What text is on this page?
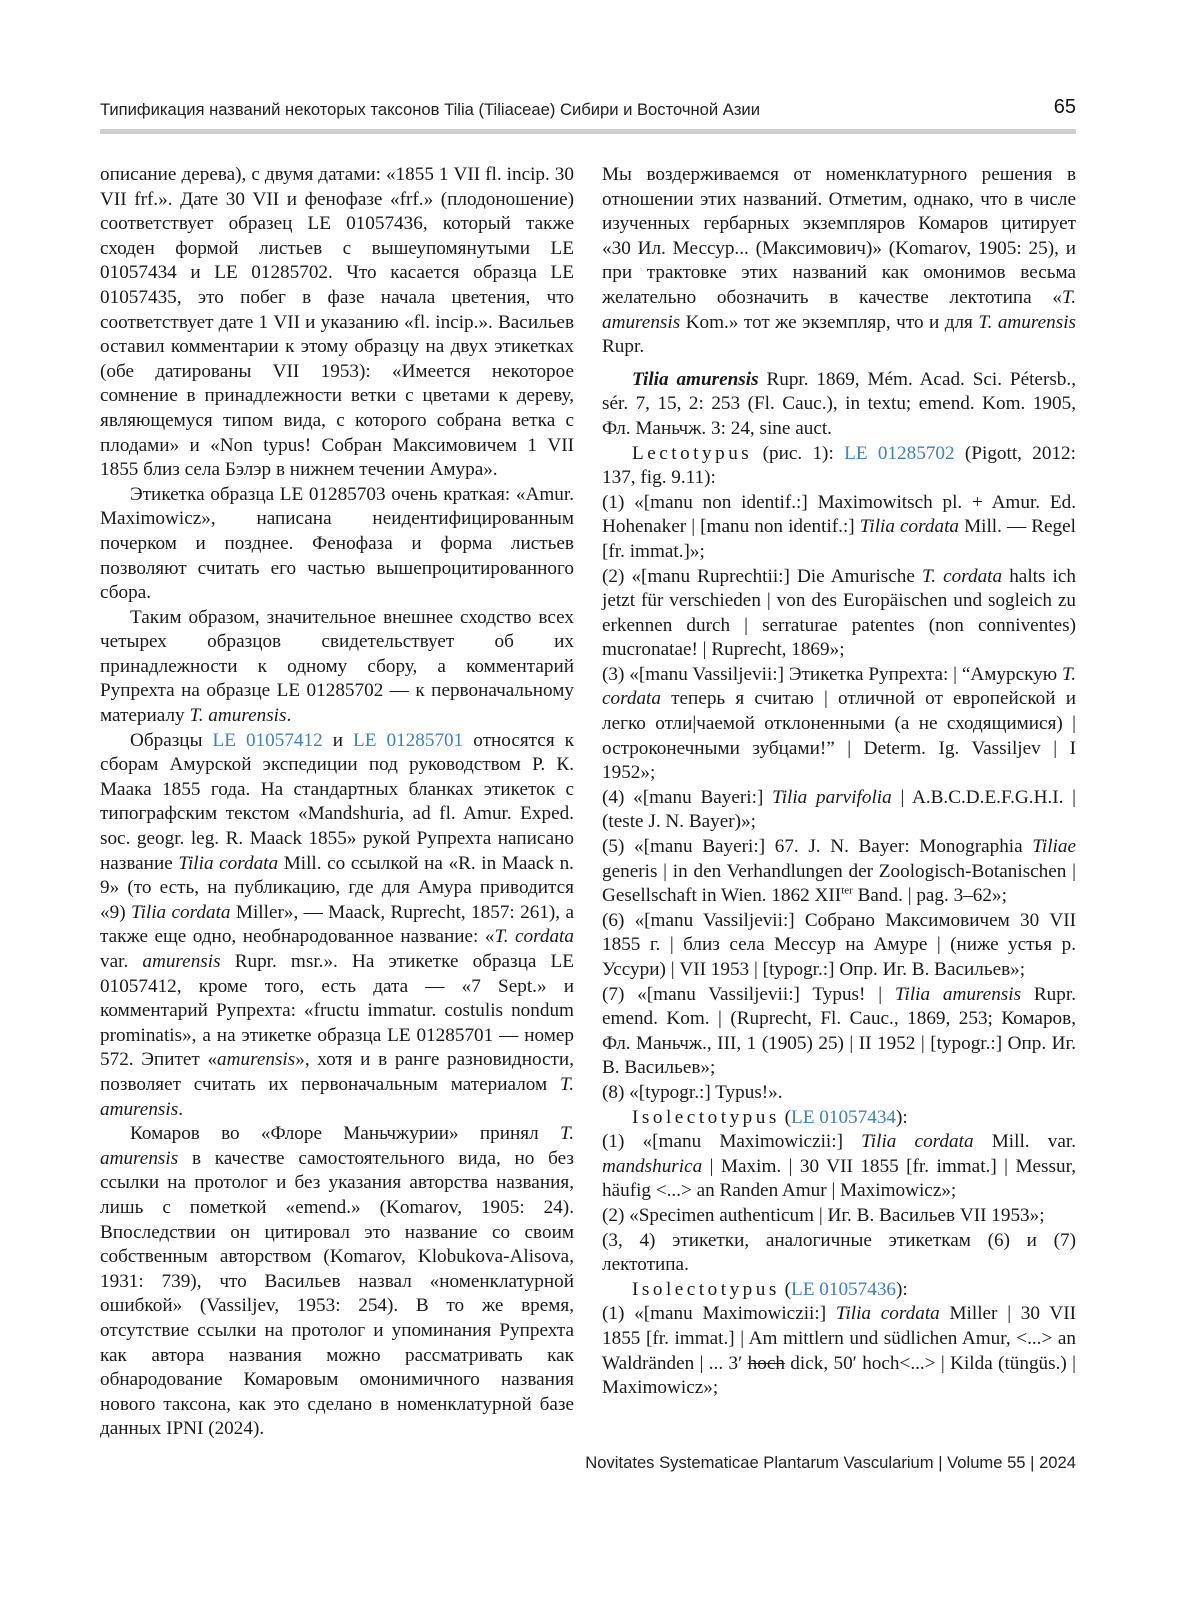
Типификация названий некоторых таксонов Tilia (Tiliaceae) Сибири и Восточной Азии	65

описание дерева), с двумя датами: «1855 1 VII fl. incip. 30 VII frf.». Дате 30 VII и фенофазе «frf.» (плодоношение) соответствует образец LE 01057436, который также сходен формой листьев с вышеупомянутыми LE 01057434 и LE 01285702. Что касается образца LE 01057435, это побег в фазе начала цветения, что соответствует дате 1 VII и указанию «fl. incip.». Васильев оставил комментарии к этому образцу на двух этикетках (обе датированы VII 1953): «Имеется некоторое сомнение в принадлежности ветки с цветами к дереву, являющемуся типом вида, с которого собрана ветка с плодами» и «Non typus! Собран Максимовичем 1 VII 1855 близ села Бэлэр в нижнем течении Амура».

Этикетка образца LE 01285703 очень краткая: «Amur. Maximowicz», написана неидентифицированным почерком и позднее. Фенофаза и форма листьев позволяют считать его частью вышепроцитированного сбора.

Таким образом, значительное внешнее сходство всех четырех образцов свидетельствует об их принадлежности к одному сбору, а комментарий Рупрехта на образце LE 01285702 — к первоначальному материалу T. amurensis.

Образцы LE 01057412 и LE 01285701 относятся к сборам Амурской экспедиции под руководством Р. К. Маака 1855 года. На стандартных бланках этикеток с типографским текстом «Mandshuria, ad fl. Amur. Exped. soc. geogr. leg. R. Maack 1855» рукой Рупрехта написано название Tilia cordata Mill. со ссылкой на «R. in Maack n. 9» (то есть, на публикацию, где для Амура приводится «9) Tilia cordata Miller», — Maack, Ruprecht, 1857: 261), а также еще одно, необнародованное название: «T. cordata var. amurensis Rupr. msr.». На этикетке образца LE 01057412, кроме того, есть дата — «7 Sept.» и комментарий Рупрехта: «fructu immatur. costulis nondum prominatis», а на этикетке образца LE 01285701 — номер 572. Эпитет «amurensis», хотя и в ранге разновидности, позволяет считать их первоначальным материалом T. amurensis.

Комаров во «Флоре Маньчжурии» принял T. amurensis в качестве самостоятельного вида, но без ссылки на протолог и без указания авторства названия, лишь с пометкой «emend.» (Komarov, 1905: 24). Впоследствии он цитировал это название со своим собственным авторством (Komarov, Klobukova-Alisova, 1931: 739), что Васильев назвал «номенклатурной ошибкой» (Vassiljev, 1953: 254). В то же время, отсутствие ссылки на протолог и упоминания Рупрехта как автора названия можно рассматривать как обнародование Комаровым омонимичного названия нового таксона, как это сделано в номенклатурной базе данных IPNI (2024).

Мы воздерживаемся от номенклатурного решения в отношении этих названий. Отметим, однако, что в числе изученных гербарных экземпляров Комаров цитирует «30 Ил. Мессур... (Максимович)» (Komarov, 1905: 25), и при трактовке этих названий как омонимов весьма желательно обозначить в качестве лектотипа «T. amurensis Kom.» тот же экземпляр, что и для T. amurensis Rupr.

Tilia amurensis Rupr. 1869, Mém. Acad. Sci. Pétersb., sér. 7, 15, 2: 253 (Fl. Cauc.), in textu; emend. Kom. 1905, Фл. Маньчж. 3: 24, sine auct.

Lectotypus (рис. 1): LE 01285702 (Pigott, 2012: 137, fig. 9.11):

(1) «[manu non identif.:] Maximowitsch pl. + Amur. Ed. Hohenaker | [manu non identif.:] Tilia cordata Mill. — Regel [fr. immat.]»;

(2) «[manu Ruprechtii:] Die Amurische T. cordata halts ich jetzt für verschieden | von des Europäischen und sogleich zu erkennen durch | serraturae patentes (non conniventes) mucronatae! | Ruprecht, 1869»;

(3) «[manu Vassiljevii:] Этикетка Рупрехта: | “Амурскую T. cordata теперь я считаю | отличной от европейской и легко отли|чаемой отклоненными (а не сходящимися) | остроконечными зубцами!” | Determ. Ig. Vassiljev | I 1952»;

(4) «[manu Bayeri:] Tilia parvifolia | A.B.C.D.E.F.G.H.I. | (teste J. N. Bayer)»;

(5) «[manu Bayeri:] 67. J. N. Bayer: Monographia Tiliae generis | in den Verhandlungen der Zoologisch-Botanischen | Gesellschaft in Wien. 1862 $XII^{ter}$ Band. | pag. 3–62»;

(6) «[manu Vassiljevii:] Собрано Максимовичем 30 VII 1855 г. | близ села Мессур на Амуре | (ниже устья р. Уссури) | VII 1953 | [typogr.:] Опр. Иг. В. Васильев»;

(7) «[manu Vassiljevii:] Typus! | Tilia amurensis Rupr. emend. Kom. | (Ruprecht, Fl. Cauc., 1869, 253; Комаров, Фл. Маньчж., III, 1 (1905) 25) | II 1952 | [typogr.:] Опр. Иг. В. Васильев»;

(8) «[typogr.:] Typus!».

Isolectotypus (LE 01057434):

(1) «[manu Maximowiczii:] Tilia cordata Mill. var. mandshurica | Maxim. | 30 VII 1855 [fr. immat.] | Messur, häufig <...> an Randen Amur | Maximowicz»;

(2) «Specimen authenticum | Иг. В. Васильев VII 1953»;

(3, 4) этикетки, аналогичные этикеткам (6) и (7) лектотипа.

Isolectotypus (LE 01057436):

(1) «[manu Maximowiczii:] Tilia cordata Miller | 30 VII 1855 [fr. immat.] | Am mittlern und südlichen Amur, <...> an Waldränden | ... 3′ hoch dick, 50′ hoch<...> | Kilda (tüngüs.) | Maximowicz»;

Novitates Systematicae Plantarum Vascularium | Volume 55 | 2024
